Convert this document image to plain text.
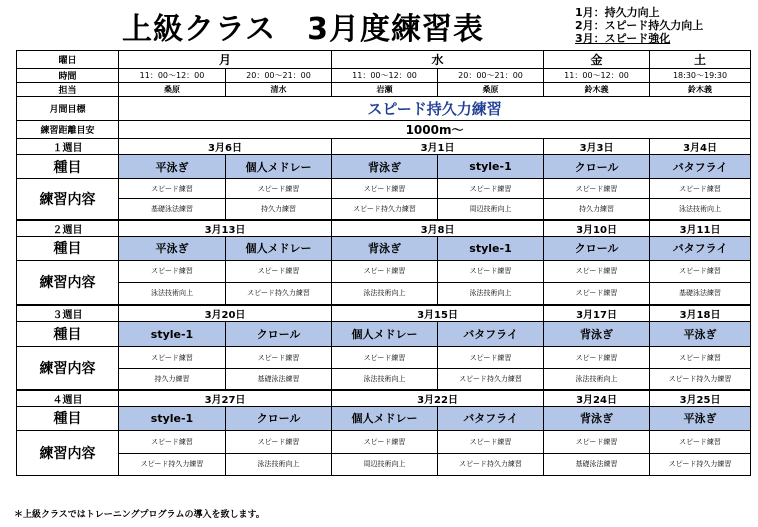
上級クラス　3月度練習表	1月：持久力向上
2月：スピード持久力向上
3月：スピード強化
曜日	月		水		金	土
時間	11：00～12：00	20：00～21：00	11：00～12：00	20：00～21：00	11：00～12：00	18:30～19:30
担当	桑原	清水	岩瀬	桑原	鈴木義	鈴木義
月間目標	スピード持久力練習					
練習距離目安	1000m～					
１週目	3月6日		3月1日		3月3日	3月4日
種目	平泳ぎ	個人メドレー	背泳ぎ	style-1	クロール	バタフライ
練習内容	スピード練習	スピード練習	スピード練習	スピード練習	スピード練習	スピード練習
	基礎泳法練習	持久力練習	スピード持久力練習	周辺技術向上	持久力練習	泳法技術向上
２週目	3月13日		3月8日		3月10日	3月11日
種目	平泳ぎ	個人メドレー	背泳ぎ	style-1	クロール	バタフライ
練習内容	スピード練習	スピード練習	スピード練習	スピード練習	スピード練習	スピード練習
	泳法技術向上	スピード持久力練習	泳法技術向上	泳法技術向上	スピード練習	基礎泳法練習
３週目	3月20日		3月15日		3月17日	3月18日
種目	style-1	クロール	個人メドレー	バタフライ	背泳ぎ	平泳ぎ
練習内容	スピード練習	スピード練習	スピード練習	スピード練習	スピード練習	スピード練習
	持久力練習	基礎泳法練習	泳法技術向上	スピード持久力練習	泳法技術向上	スピード持久力練習
４週目	3月27日		3月22日		3月24日	3月25日
種目	style-1	クロール	個人メドレー	バタフライ	背泳ぎ	平泳ぎ
練習内容	スピード練習	スピード練習	スピード練習	スピード練習	スピード練習	スピード練習
	スピード持久力練習	泳法技術向上	周辺技術向上	スピード持久力練習	基礎泳法練習	スピード持久力練習
＊上級クラスではトレーニングプログラムの導入を致します。
